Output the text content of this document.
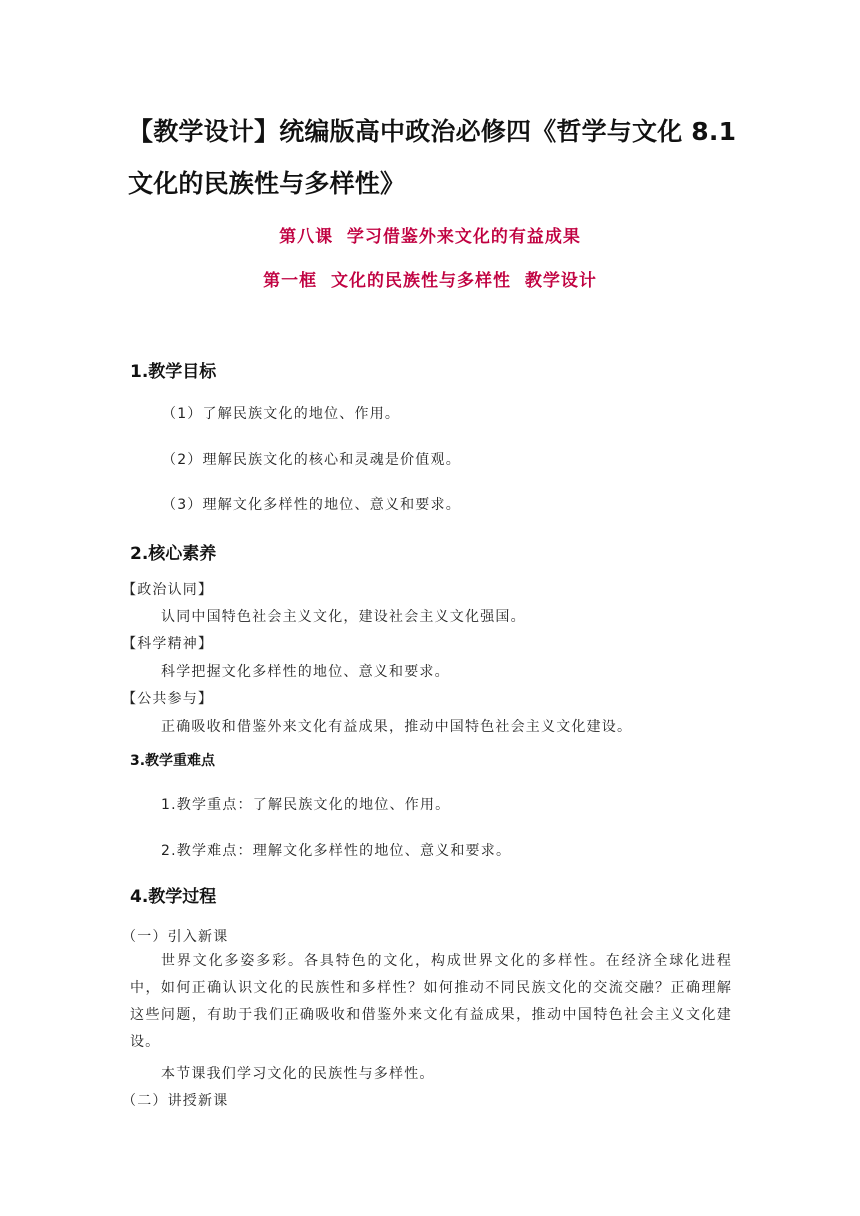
【教学设计】统编版高中政治必修四《哲学与文化 8.1文化的民族性与多样性》
第八课  学习借鉴外来文化的有益成果
第一框  文化的民族性与多样性  教学设计
1.教学目标
（1）了解民族文化的地位、作用。
（2）理解民族文化的核心和灵魂是价值观。
（3）理解文化多样性的地位、意义和要求。
2.核心素养
【政治认同】
认同中国特色社会主义文化，建设社会主义文化强国。
【科学精神】
科学把握文化多样性的地位、意义和要求。
【公共参与】
正确吸收和借鉴外来文化有益成果，推动中国特色社会主义文化建设。
3.教学重难点
1.教学重点：了解民族文化的地位、作用。
2.教学难点：理解文化多样性的地位、意义和要求。
4.教学过程
（一）引入新课
世界文化多姿多彩。各具特色的文化，构成世界文化的多样性。在经济全球化进程中，如何正确认识文化的民族性和多样性？如何推动不同民族文化的交流交融？正确理解这些问题，有助于我们正确吸收和借鉴外来文化有益成果，推动中国特色社会主义文化建设。
本节课我们学习文化的民族性与多样性。
（二）讲授新课
